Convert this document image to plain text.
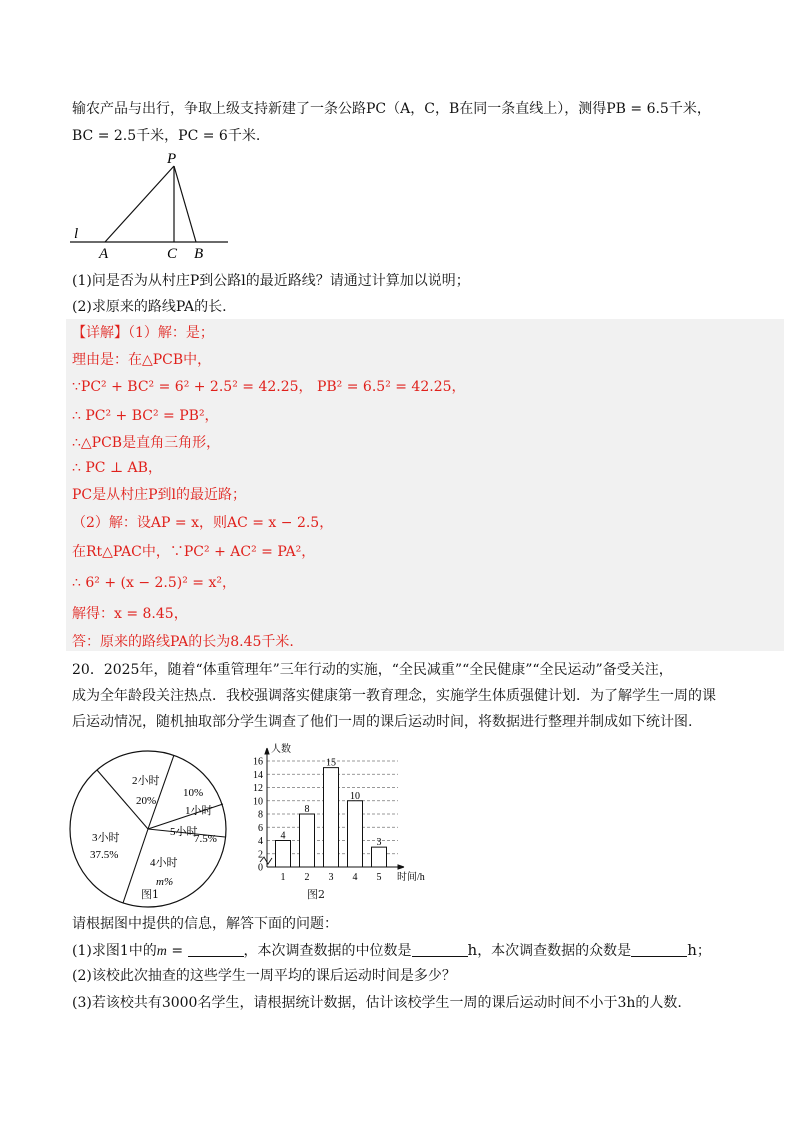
输农产品与出行，争取上级支持新建了一条公路PC（A，C，B在同一条直线上），测得PB = 6.5千米，
BC = 2.5千米，PC = 6千米.
P
l
A	C B
(1)问是否为从村庄P到公路l的最近路线？请通过计算加以说明；
(2)求原来的路线PA的长.
【详解】（1）解：是；
理由是：在△PCB中，
∵PC² + BC² = 6² + 2.5² = 42.25， PB² = 6.5² = 42.25，
∴ PC² + BC² = PB²，
∴△PCB是直角三角形，
∴ PC ⊥ AB，
PC是从村庄P到l的最近路；
（2）解：设AP = x，则AC = x − 2.5，
在Rt△PAC中，∵PC² + AC² = PA²，
∴ 6² + (x − 2.5)² = x²，
解得：x = 8.45，
答：原来的路线PA的长为8.45千米.
20．2025年，随着“体重管理年”三年行动的实施，“全民减重”“全民健康”“全民运动”备受关注，
成为全年龄段关注热点．我校强调落实健康第一教育理念，实施学生体质强健计划．为了解学生一周的课
后运动情况，随机抽取部分学生调查了他们一周的课后运动时间，将数据进行整理并制成如下统计图.
2小时
20%
10%
1小时
5小时
7.5%
4小时
m%
3小时
37.5%
图1
4
8
15
10
3
0
2
4
6
8
10
12
14
16
1 2 3 4 5
人数
时间/h
图2
请根据图中提供的信息，解答下面的问题：
(1)求图1中的m =	，本次调查数据的中位数是	h，本次调查数据的众数是	h；
(2)该校此次抽查的这些学生一周平均的课后运动时间是多少？
(3)若该校共有3000名学生，请根据统计数据，估计该校学生一周的课后运动时间不小于3h的人数.
